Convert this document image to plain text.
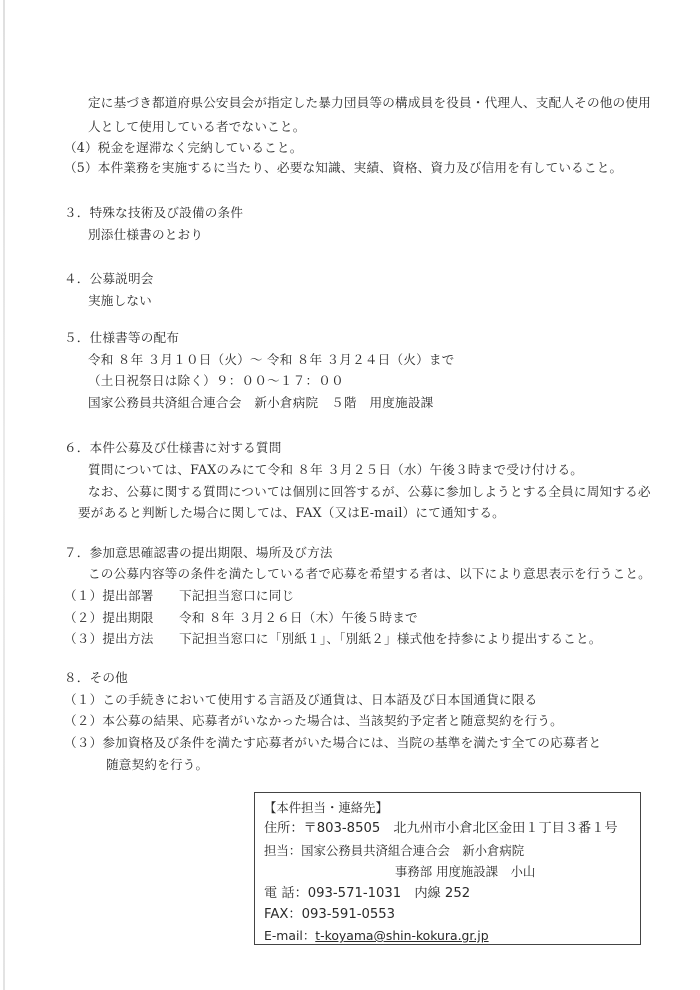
定に基づき都道府県公安員会が指定した暴力団員等の構成員を役員・代理人、支配人その他の使用
人として使用している者でないこと。
（4）税金を遅滞なく完納していること。
（5）本件業務を実施するに当たり、必要な知識、実績、資格、資力及び信用を有していること。
３．特殊な技術及び設備の条件
別添仕様書のとおり
４．公募説明会
実施しない
５．仕様書等の配布
令和 ８年 ３月１０日（火）～ 令和 ８年 ３月２４日（火）まで
（土日祝祭日は除く）９：００～１７：００
国家公務員共済組合連合会　新小倉病院　５階　用度施設課
６．本件公募及び仕様書に対する質問
質問については、FAXのみにて令和 ８年 ３月２５日（水）午後３時まで受け付ける。
なお、公募に関する質問については個別に回答するが、公募に参加しようとする全員に周知する必
要があると判断した場合に関しては、FAX（又はE-mail）にて通知する。
７．参加意思確認書の提出期限、場所及び方法
この公募内容等の条件を満たしている者で応募を希望する者は、以下により意思表示を行うこと。
（１）提出部署　　下記担当窓口に同じ
（２）提出期限　　令和 ８年 ３月２６日（木）午後５時まで
（３）提出方法　　下記担当窓口に「別紙１」、「別紙２」様式他を持参により提出すること。
８．その他
（１）この手続きにおいて使用する言語及び通貨は、日本語及び日本国通貨に限る
（２）本公募の結果、応募者がいなかった場合は、当該契約予定者と随意契約を行う。
（３）参加資格及び条件を満たす応募者がいた場合には、当院の基準を満たす全ての応募者と
随意契約を行う。
【本件担当・連絡先】
住所：〒803-8505　北九州市小倉北区金田１丁目３番１号
担当：国家公務員共済組合連合会　新小倉病院
事務部 用度施設課　小山
電 話：093-571-1031　内線 252
FAX：093-591-0553
E-mail：t-koyama@shin-kokura.gr.jp
